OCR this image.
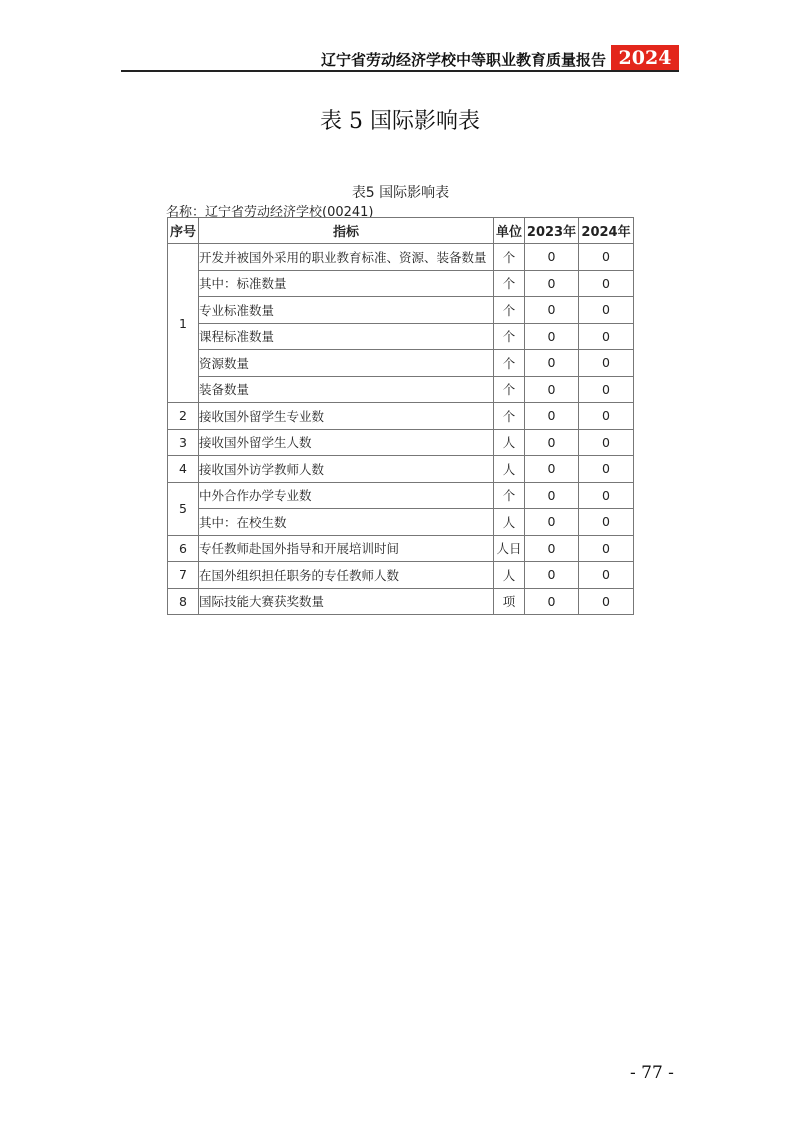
辽宁省劳动经济学校中等职业教育质量报告 2024
表 5 国际影响表
表5 国际影响表
名称：辽宁省劳动经济学校(00241)
序号	指标	单位	2023年	2024年
1	开发并被国外采用的职业教育标准、资源、装备数量	个	0	0
	其中：标准数量	个	0	0
	专业标准数量	个	0	0
	课程标准数量	个	0	0
	资源数量	个	0	0
	装备数量	个	0	0
2	接收国外留学生专业数	个	0	0
3	接收国外留学生人数	人	0	0
4	接收国外访学教师人数	人	0	0
5	中外合作办学专业数	个	0	0
	其中：在校生数	人	0	0
6	专任教师赴国外指导和开展培训时间	人日	0	0
7	在国外组织担任职务的专任教师人数	人	0	0
8	国际技能大赛获奖数量	项	0	0
- 77 -
